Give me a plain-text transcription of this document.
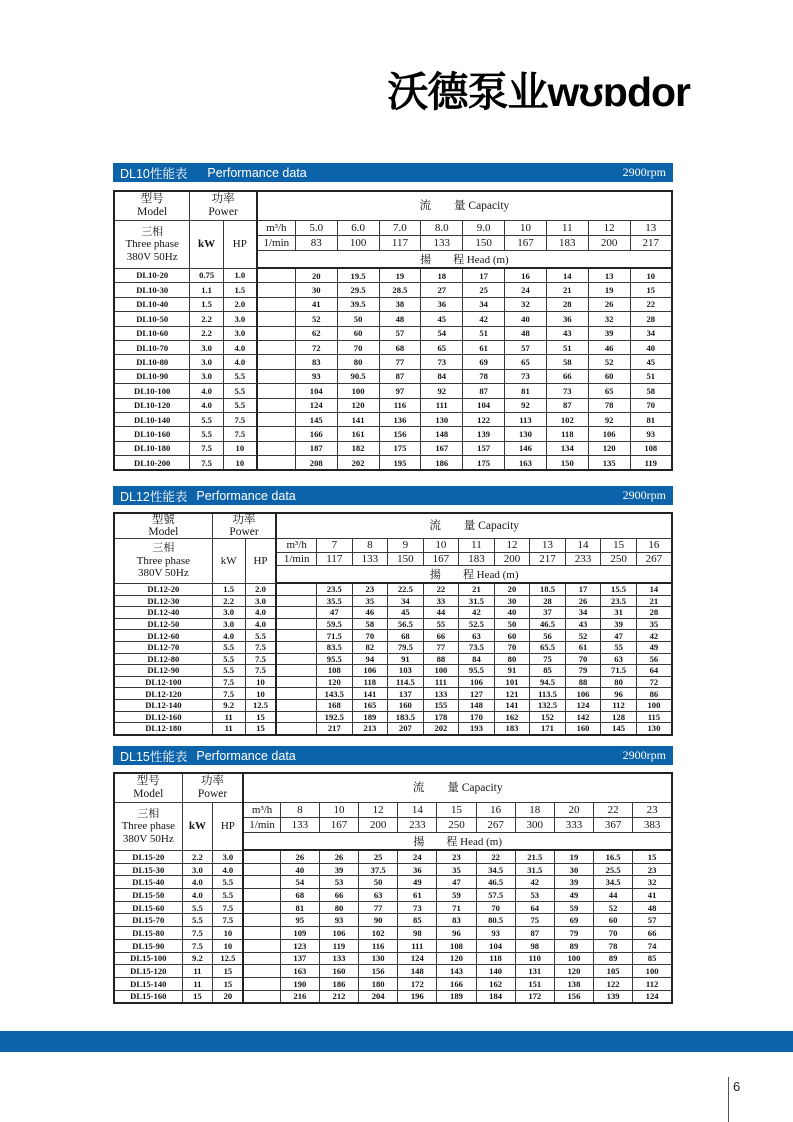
沃德泵业wʊɒdor
DL10性能表 Performance data	2900rpm
型号
Model

功率
Power
	流　　量 Capacity

三相
Three phase
380V 50Hz	kW	HP	m³/h	5.0	6.0	7.0	8.0	9.0	10	11	12	13
			1/min	83	100	117	133	150	167	183	200	217
			揚　　程 Head (m)									
DL10-20	0.75	1.0		20	19.5	19	18	17	16	14	13	10
DL10-30	1.1	1.5		30	29.5	28.5	27	25	24	21	19	15
DL10-40	1.5	2.0		41	39.5	38	36	34	32	28	26	22
DL10-50	2.2	3.0		52	50	48	45	42	40	36	32	28
DL10-60	2.2	3.0		62	60	57	54	51	48	43	39	34
DL10-70	3.0	4.0		72	70	68	65	61	57	51	46	40
DL10-80	3.0	4.0		83	80	77	73	69	65	58	52	45
DL10-90	3.0	5.5		93	90.5	87	84	78	73	66	60	51
DL10-100	4.0	5.5		104	100	97	92	87	81	73	65	58
DL10-120	4.0	5.5		124	120	116	111	104	92	87	78	70
DL10-140	5.5	7.5		145	141	136	130	122	113	102	92	81
DL10-160	5.5	7.5		166	161	156	148	139	130	118	106	93
DL10-180	7.5	10		187	182	175	167	157	146	134	120	108
DL10-200	7.5	10		208	202	195	186	175	163	150	135	119
DL12性能表 Performance data	2900rpm
型號
Model

功率
Power	流　　量 Capacity

三相
Three phase
380V 50Hz	kW	HP	m³/h	7	8	9	10	11	12	13	14	15	16
			1/min	117	133	150	167	183	200	217	233	250	267
			揚　　程 Head (m)										
DL12-20	1.5	2.0		23.5	23	22.5	22	21	20	18.5	17	15.5	14
DL12-30	2.2	3.0		35.5	35	34	33	31.5	30	28	26	23.5	21
DL12-40	3.0	4.0		47	46	45	44	42	40	37	34	31	28
DL12-50	3.0	4.0		59.5	58	56.5	55	52.5	50	46.5	43	39	35
DL12-60	4.0	5.5		71.5	70	68	66	63	60	56	52	47	42
DL12-70	5.5	7.5		83.5	82	79.5	77	73.5	70	65.5	61	55	49
DL12-80	5.5	7.5		95.5	94	91	88	84	80	75	70	63	56
DL12-90	5.5	7.5		108	106	103	100	95.5	91	85	79	71.5	64
DL12-100	7.5	10		120	118	114.5	111	106	101	94.5	88	80	72
DL12-120	7.5	10		143.5	141	137	133	127	121	113.5	106	96	86
DL12-140	9.2	12.5		168	165	160	155	148	141	132.5	124	112	100
DL12-160	11	15		192.5	189	183.5	178	170	162	152	142	128	115
DL12-180	11	15		217	213	207	202	193	183	171	160	145	130
DL15性能表 Performance data	2900rpm
型号
Model

功率
Power
	流　　量 Capacity

三相
Three phase
380V 50Hz	kW	HP	m³/h	8	10	12	14	15	16	18	20	22	23
			1/min	133	167	200	233	250	267	300	333	367	383
			揚　　程 Head (m)										
DL15-20	2.2	3.0		26	26	25	24	23	22	21.5	19	16.5	15
DL15-30	3.0	4.0		40	39	37.5	36	35	34.5	31.5	30	25.5	23
DL15-40	4.0	5.5		54	53	50	49	47	46.5	42	39	34.5	32
DL15-50	4.0	5.5		68	66	63	61	59	57.5	53	49	44	41
DL15-60	5.5	7.5		81	80	77	73	71	70	64	59	52	48
DL15-70	5.5	7.5		95	93	90	85	83	80.5	75	69	60	57
DL15-80	7.5	10		109	106	102	98	96	93	87	79	70	66
DL15-90	7.5	10		123	119	116	111	108	104	98	89	78	74
DL15-100	9.2	12.5		137	133	130	124	120	118	110	100	89	85
DL15-120	11	15		163	160	156	148	143	140	131	120	105	100
DL15-140	11	15		190	186	180	172	166	162	151	138	122	112
DL15-160	15	20		216	212	204	196	189	184	172	156	139	124
6
